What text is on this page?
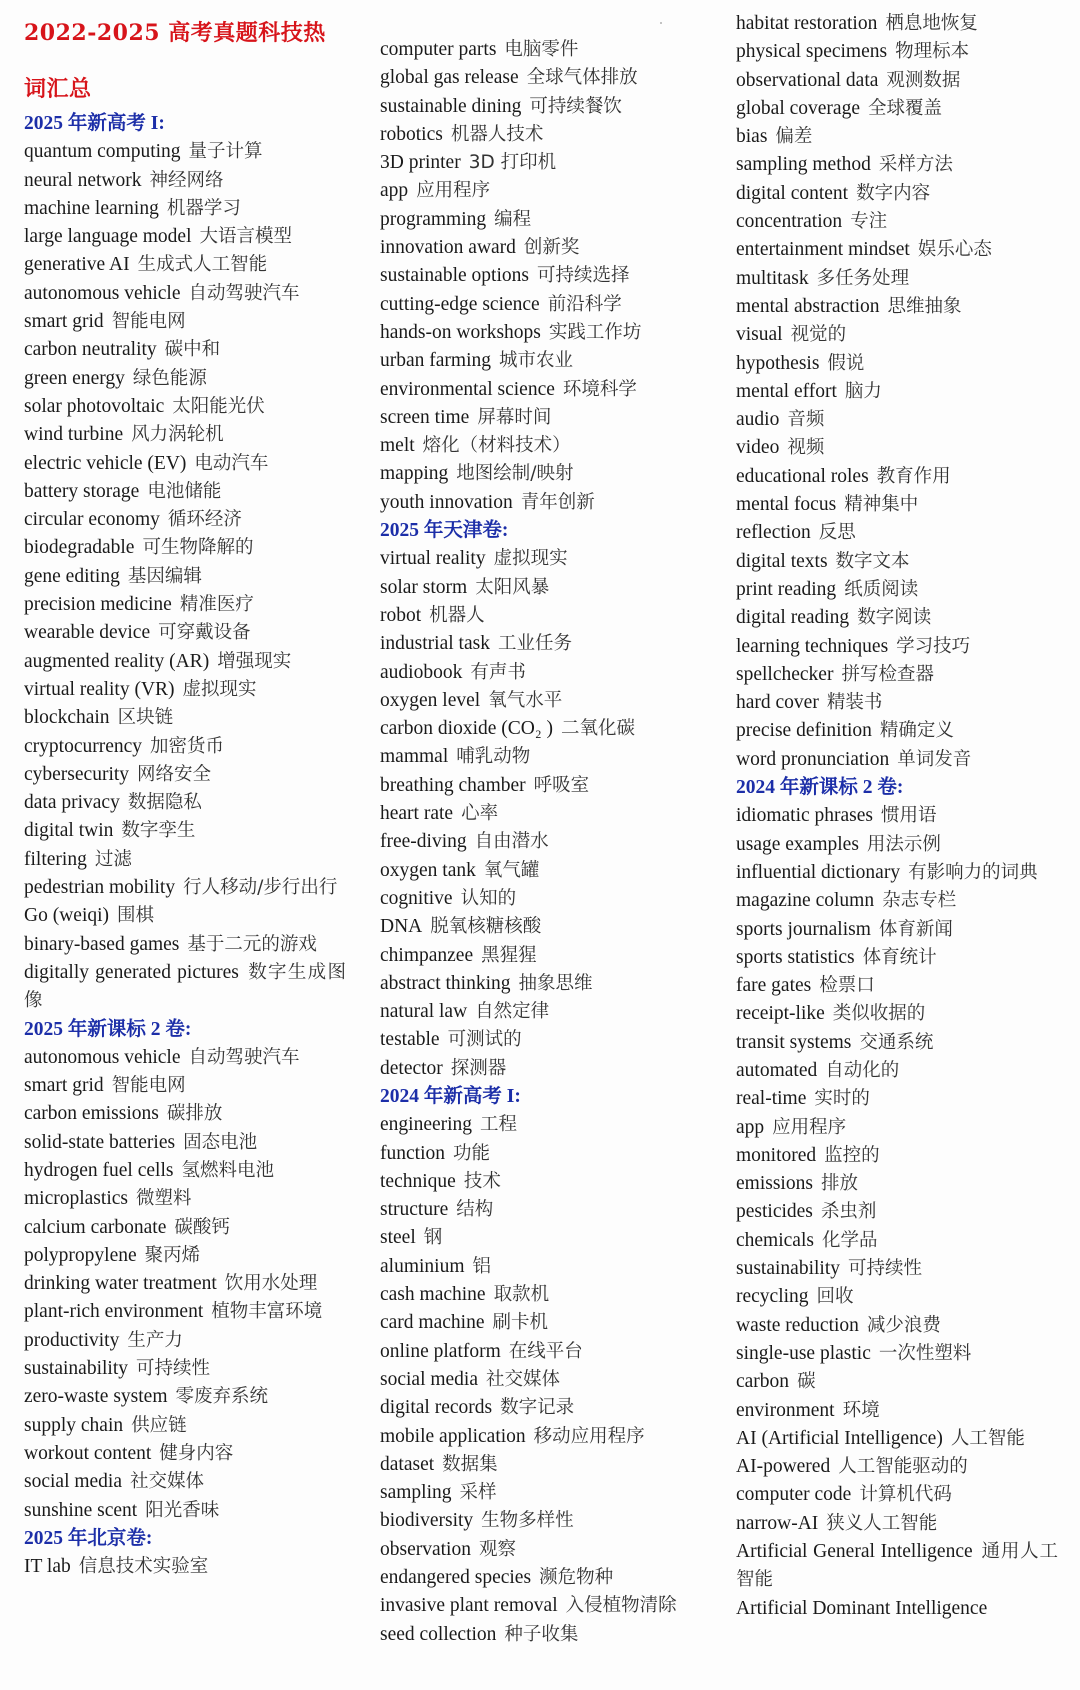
2022-2025 高考真题科技热
词汇总
2025 年新高考 I:
quantum computing 量子计算
neural network 神经网络
machine learning 机器学习
large language model 大语言模型
generative AI 生成式人工智能
autonomous vehicle 自动驾驶汽车
smart grid 智能电网
carbon neutrality 碳中和
green energy 绿色能源
solar photovoltaic 太阳能光伏
wind turbine 风力涡轮机
electric vehicle (EV) 电动汽车
battery storage 电池储能
circular economy 循环经济
biodegradable 可生物降解的
gene editing 基因编辑
precision medicine 精准医疗
wearable device 可穿戴设备
augmented reality (AR) 增强现实
virtual reality (VR) 虚拟现实
blockchain 区块链
cryptocurrency 加密货币
cybersecurity 网络安全
data privacy 数据隐私
digital twin 数字孪生
filtering 过滤
pedestrian mobility 行人移动/步行出行
Go (weiqi) 围棋
binary-based games 基于二元的游戏
digitally generated pictures 数字生成图像
2025 年新课标 2 卷:
autonomous vehicle 自动驾驶汽车
smart grid 智能电网
carbon emissions 碳排放
solid-state batteries 固态电池
hydrogen fuel cells 氢燃料电池
microplastics 微塑料
calcium carbonate 碳酸钙
polypropylene 聚丙烯
drinking water treatment 饮用水处理
plant-rich environment 植物丰富环境
productivity 生产力
sustainability 可持续性
zero-waste system 零废弃系统
supply chain 供应链
workout content 健身内容
social media 社交媒体
sunshine scent 阳光香味
2025 年北京卷:
IT lab 信息技术实验室
computer parts 电脑零件
global gas release 全球气体排放
sustainable dining 可持续餐饮
robotics 机器人技术
3D printer 3D 打印机
app 应用程序
programming 编程
innovation award 创新奖
sustainable options 可持续选择
cutting-edge science 前沿科学
hands-on workshops 实践工作坊
urban farming 城市农业
environmental science 环境科学
screen time 屏幕时间
melt 熔化（材料技术）
mapping 地图绘制/映射
youth innovation 青年创新
2025 年天津卷:
virtual reality 虚拟现实
solar storm 太阳风暴
robot 机器人
industrial task 工业任务
audiobook 有声书
oxygen level 氧气水平
carbon dioxide (CO₂ ) 二氧化碳
mammal 哺乳动物
breathing chamber 呼吸室
heart rate 心率
free-diving 自由潜水
oxygen tank 氧气罐
cognitive 认知的
DNA 脱氧核糖核酸
chimpanzee 黑猩猩
abstract thinking 抽象思维
natural law 自然定律
testable 可测试的
detector 探测器
2024 年新高考 I:
engineering 工程
function 功能
technique 技术
structure 结构
steel 钢
aluminium 铝
cash machine 取款机
card machine 刷卡机
online platform 在线平台
social media 社交媒体
digital records 数字记录
mobile application 移动应用程序
dataset 数据集
sampling 采样
biodiversity 生物多样性
observation 观察
endangered species 濒危物种
invasive plant removal 入侵植物清除
seed collection 种子收集
habitat restoration 栖息地恢复
physical specimens 物理标本
observational data 观测数据
global coverage 全球覆盖
bias 偏差
sampling method 采样方法
digital content 数字内容
concentration 专注
entertainment mindset 娱乐心态
multitask 多任务处理
mental abstraction 思维抽象
visual 视觉的
hypothesis 假说
mental effort 脑力
audio 音频
video 视频
educational roles 教育作用
mental focus 精神集中
reflection 反思
digital texts 数字文本
print reading 纸质阅读
digital reading 数字阅读
learning techniques 学习技巧
spellchecker 拼写检查器
hard cover 精装书
precise definition 精确定义
word pronunciation 单词发音
2024 年新课标 2 卷:
idiomatic phrases 惯用语
usage examples 用法示例
influential dictionary 有影响力的词典
magazine column 杂志专栏
sports journalism 体育新闻
sports statistics 体育统计
fare gates 检票口
receipt-like 类似收据的
transit systems 交通系统
automated 自动化的
real-time 实时的
app 应用程序
monitored 监控的
emissions 排放
pesticides 杀虫剂
chemicals 化学品
sustainability 可持续性
recycling 回收
waste reduction 减少浪费
single-use plastic 一次性塑料
carbon 碳
environment 环境
AI (Artificial Intelligence) 人工智能
AI-powered 人工智能驱动的
computer code 计算机代码
narrow-AI 狭义人工智能
Artificial General Intelligence 通用人工智能
Artificial Dominant Intelligence
